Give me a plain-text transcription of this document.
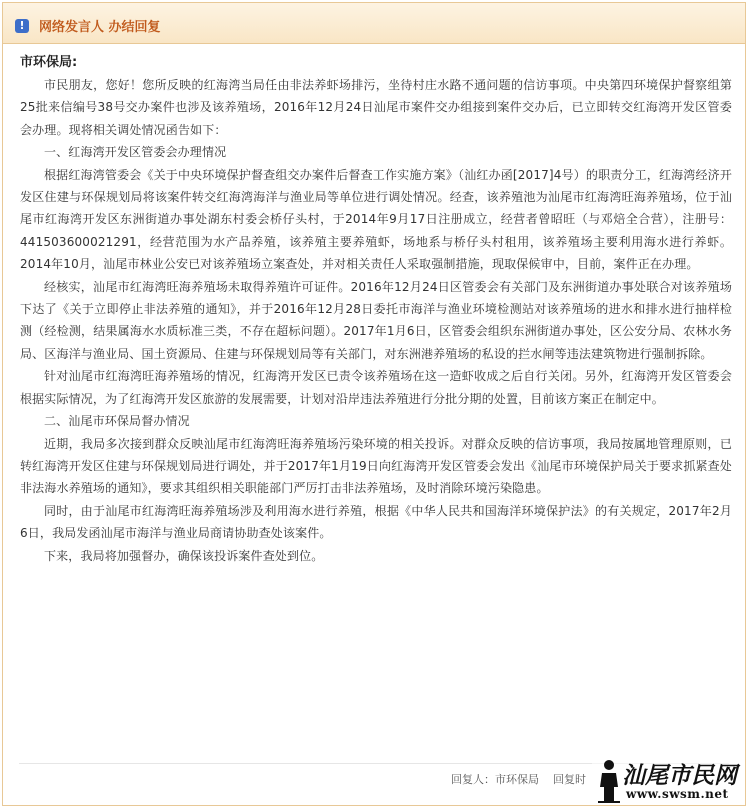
!	网络发言人 办结回复
市环保局:

市民朋友，您好！您所反映的红海湾当局任由非法养虾场排污，坐待村庄水路不通问题的信访事项。中央第四环境保护督察组第25批来信编号38号交办案件也涉及该养殖场，2016年12月24日汕尾市案件交办组接到案件交办后，已立即转交红海湾开发区管委会办理。现将相关调处情况函告如下：

一、红海湾开发区管委会办理情况

根据红海湾管委会《关于中央环境保护督查组交办案件后督查工作实施方案》（汕红办函[2017]4号）的职责分工，红海湾经济开发区住建与环保规划局将该案件转交红海湾海洋与渔业局等单位进行调处情况。经查，该养殖池为汕尾市红海湾旺海养殖场，位于汕尾市红海湾开发区东洲街道办事处湖东村委会桥仔头村，于2014年9月17日注册成立，经营者曾昭旺（与邓焙全合营），注册号：441503600021291，经营范围为水产品养殖，该养殖主要养殖虾，场地系与桥仔头村租用，该养殖场主要利用海水进行养虾。2014年10月，汕尾市林业公安已对该养殖场立案查处，并对相关责任人采取强制措施，现取保候审中，目前，案件正在办理。

经核实，汕尾市红海湾旺海养殖场未取得养殖许可证件。2016年12月24日区管委会有关部门及东洲街道办事处联合对该养殖场下达了《关于立即停止非法养殖的通知》，并于2016年12月28日委托市海洋与渔业环境检测站对该养殖场的进水和排水进行抽样检测（经检测，结果属海水水质标准三类，不存在超标问题）。2017年1月6日，区管委会组织东洲街道办事处，区公安分局、农林水务局、区海洋与渔业局、国土资源局、住建与环保规划局等有关部门，对东洲港养殖场的私设的拦水闸等违法建筑物进行强制拆除。

针对汕尾市红海湾旺海养殖场的情况，红海湾开发区已责令该养殖场在这一造虾收成之后自行关闭。另外，红海湾开发区管委会根据实际情况，为了红海湾开发区旅游的发展需要，计划对沿岸违法养殖进行分批分期的处置，目前该方案正在制定中。

二、汕尾市环保局督办情况

近期，我局多次接到群众反映汕尾市红海湾旺海养殖场污染环境的相关投诉。对群众反映的信访事项，我局按属地管理原则，已转红海湾开发区住建与环保规划局进行调处，并于2017年1月19日向红海湾开发区管委会发出《汕尾市环境保护局关于要求抓紧查处非法海水养殖场的通知》，要求其组织相关职能部门严厉打击非法养殖场，及时消除环境污染隐患。

同时，由于汕尾市红海湾旺海养殖场涉及利用海水进行养殖，根据《中华人民共和国海洋环境保护法》的有关规定，2017年2月6日，我局发函汕尾市海洋与渔业局商请协助查处该案件。

下来，我局将加强督办，确保该投诉案件查处到位。

回复人：市环保局 回复时 汕尾市民网
www.swsm.net
